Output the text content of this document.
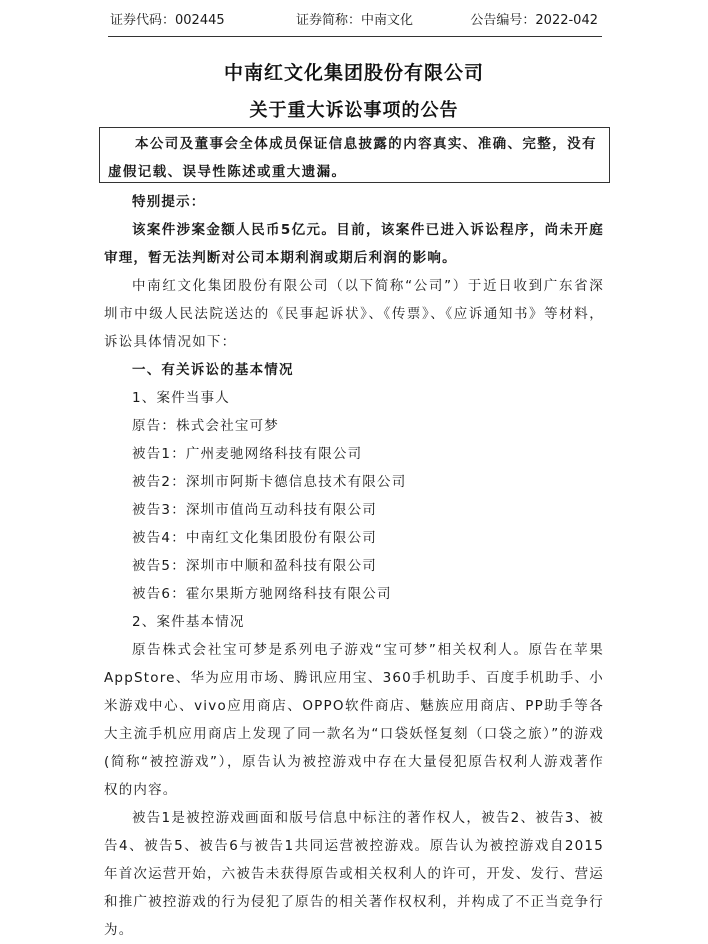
证券代码：002445	证券简称：中南文化	公告编号：2022-042
中南红文化集团股份有限公司
关于重大诉讼事项的公告
本公司及董事会全体成员保证信息披露的内容真实、准确、完整，没有虚假记载、误导性陈述或重大遗漏。

特别提示：

该案件涉案金额人民币5亿元。目前，该案件已进入诉讼程序，尚未开庭审理，暂无法判断对公司本期利润或期后利润的影响。

中南红文化集团股份有限公司（以下简称“公司”）于近日收到广东省深圳市中级人民法院送达的《民事起诉状》、《传票》、《应诉通知书》等材料，诉讼具体情况如下：

一、有关诉讼的基本情况

1、案件当事人

原告：株式会社宝可梦

被告1：广州麦驰网络科技有限公司

被告2：深圳市阿斯卡德信息技术有限公司

被告3：深圳市值尚互动科技有限公司

被告4：中南红文化集团股份有限公司

被告5：深圳市中顺和盈科技有限公司

被告6：霍尔果斯方驰网络科技有限公司

2、案件基本情况

原告株式会社宝可梦是系列电子游戏“宝可梦”相关权利人。原告在苹果AppStore、华为应用市场、腾讯应用宝、360手机助手、百度手机助手、小米游戏中心、vivo应用商店、OPPO软件商店、魅族应用商店、PP助手等各大主流手机应用商店上发现了同一款名为“口袋妖怪复刻（口袋之旅）”的游戏(简称“被控游戏”），原告认为被控游戏中存在大量侵犯原告权利人游戏著作权的内容。

被告1是被控游戏画面和版号信息中标注的著作权人，被告2、被告3、被告4、被告5、被告6与被告1共同运营被控游戏。原告认为被控游戏自2015年首次运营开始，六被告未获得原告或相关权利人的许可，开发、发行、营运和推广被控游戏的行为侵犯了原告的相关著作权权利，并构成了不正当竞争行为。
